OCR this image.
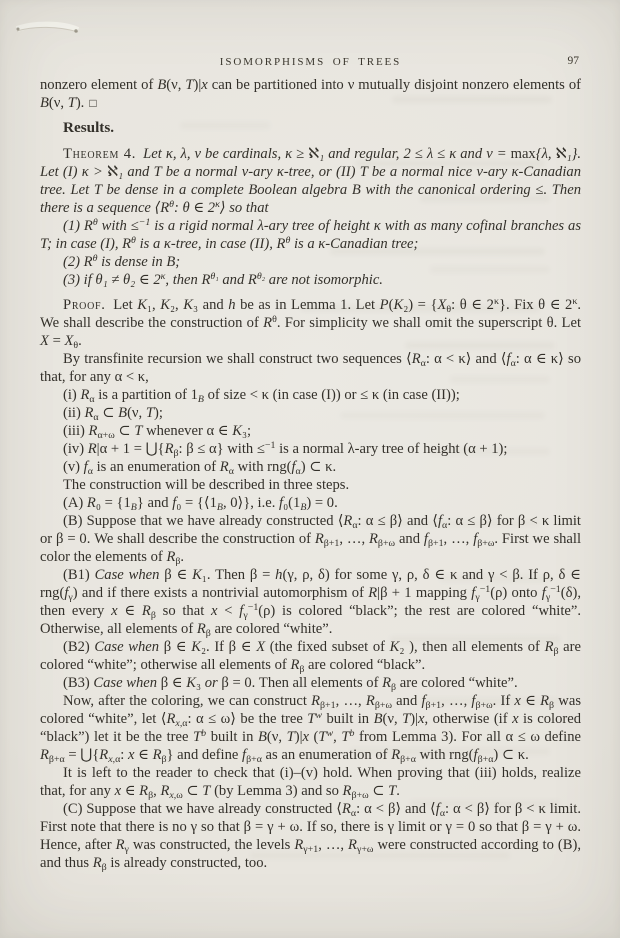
ISOMORPHISMS OF TREES	97

nonzero element of B(ν, T)|x can be partitioned into ν mutually disjoint nonzero elements of B(ν, T). □

Results.

Theorem 4. Let κ, λ, ν be cardinals, κ ≥ ℵ₁ and regular, 2 ≤ λ ≤ κ and ν = max{λ, ℵ₁}. Let (I) κ > ℵ₁ and T be a normal ν-ary κ-tree, or (II) T be a normal nice ν-ary κ-Canadian tree. Let T be dense in a complete Boolean algebra B with the canonical ordering ≤. Then there is a sequence $⟨R^\theta$: θ ∈ $2^\kappa⟩$ so that

(1) $R^\theta$ with ≤$^{-1}$ is a rigid normal λ-ary tree of height κ with as many cofinal branches as T; in case (I), $R^\theta$ is a κ-tree, in case (II), $R^\theta$ is a κ-Canadian tree;

(2) $R^\theta$ is dense in B;

(3) if θ₁ ≠ θ₂ ∈ $2^\kappa$, then $R^{\theta_1}$ and $R^{\theta_2}$ are not isomorphic.

Proof. Let K₁, K₂, K₃ and h be as in Lemma 1. Let $P(K_2) = \{X_\theta$: θ ∈ $2^\kappa$}. Fix θ ∈ $2^\kappa$. We shall describe the construction of $R^\theta$. For simplicity we shall omit the superscript θ. Let $X = X_\theta$.

By transfinite recursion we shall construct two sequences $⟨R_\alpha$: α < κ⟩ and $⟨f_\alpha$: α ∈ κ⟩ so that, for any α < κ,

(i) $R_\alpha$ is a partition of $1_B$ of size < κ (in case (I)) or ≤ κ (in case (II));

(ii) $R_\alpha$ ⊂ B(ν, T);

(iii) $R_{\alpha+\omega}$ ⊂ T whenever α ∈ K₃;

(iv) $R|\alpha + 1 = ⋃\{R_\beta$: β ≤ α} with ≤$^{-1}$ is a normal λ-ary tree of height (α + 1);

(v) $f_\alpha$ is an enumeration of $R_\alpha$ with $rng(f_\alpha)$ ⊂ κ.

The construction will be described in three steps.

(A) $R_0 = \{1_B\}$ and $f_0 = \{⟨1_B$, 0⟩}, i.e. $f_0(1_B) = 0$.

(B) Suppose that we have already constructed $⟨R_\alpha$: α ≤ β⟩ and $⟨f_\alpha$: α ≤ β⟩ for β < κ limit or β = 0. We shall describe the construction of $R_{\beta+1}$, …, $R_{\beta+\omega}$ and $f_{\beta+1}$, …, $f_{\beta+\omega}$. First we shall color the elements of $R_\beta$.

(B1) Case when β ∈ K₁. Then β = h(γ, ρ, δ) for some γ, ρ, δ ∈ κ and γ < β. If ρ, δ ∈ $rng(f_\gamma)$ and if there exists a nontrivial automorphism of R|β + 1 mapping $f_\gamma^{-1}(\rho)$ onto $f_\gamma^{-1}(\delta)$, then every x ∈ $R_\beta$ so that $x < f_\gamma^{-1}(\rho)$ is colored “black”; the rest are colored “white”. Otherwise, all elements of $R_\beta$ are colored “white”.

(B2) Case when β ∈ K₂. If β ∈ X (the fixed subset of K₂ ), then all elements of $R_\beta$ are colored “white”; otherwise all elements of $R_\beta$ are colored “black”.

(B3) Case when β ∈ K₃ or β = 0. Then all elements of $R_\beta$ are colored “white”.

Now, after the coloring, we can construct $R_{\beta+1}$, …, $R_{\beta+\omega}$ and $f_{\beta+1}$, …, $f_{\beta+\omega}$. If x ∈ $R_\beta$ was colored “white”, let $⟨R_{x,\alpha}$: α ≤ ω⟩ be the tree $T^w$ built in B(ν, T)|x, otherwise (if x is colored “black”) let it be the tree $T^b$ built in B(ν, T)|x ($T^w$, $T^b$ from Lemma 3). For all α ≤ ω define $R_{\beta+\alpha}$ = $⋃\{R_{x,\alpha}$: x ∈ $R_\beta$} and define $f_{\beta+\alpha}$ as an enumeration of $R_{\beta+\alpha}$ with $rng(f_{\beta+\alpha})$ ⊂ κ.

It is left to the reader to check that (i)–(v) hold. When proving that (iii) holds, realize that, for any x ∈ $R_\beta$, $R_{x,\omega}$ ⊂ T (by Lemma 3) and so $R_{\beta+\omega}$ ⊂ T.

(C) Suppose that we have already constructed $⟨R_\alpha$: α < β⟩ and $⟨f_\alpha$: α < β⟩ for β < κ limit. First note that there is no γ so that β = γ + ω. If so, there is γ limit or γ = 0 so that β = γ + ω. Hence, after $R_\gamma$ was constructed, the levels $R_{\gamma+1}$, …, $R_{\gamma+\omega}$ were constructed according to (B), and thus $R_\beta$ is already constructed, too.
